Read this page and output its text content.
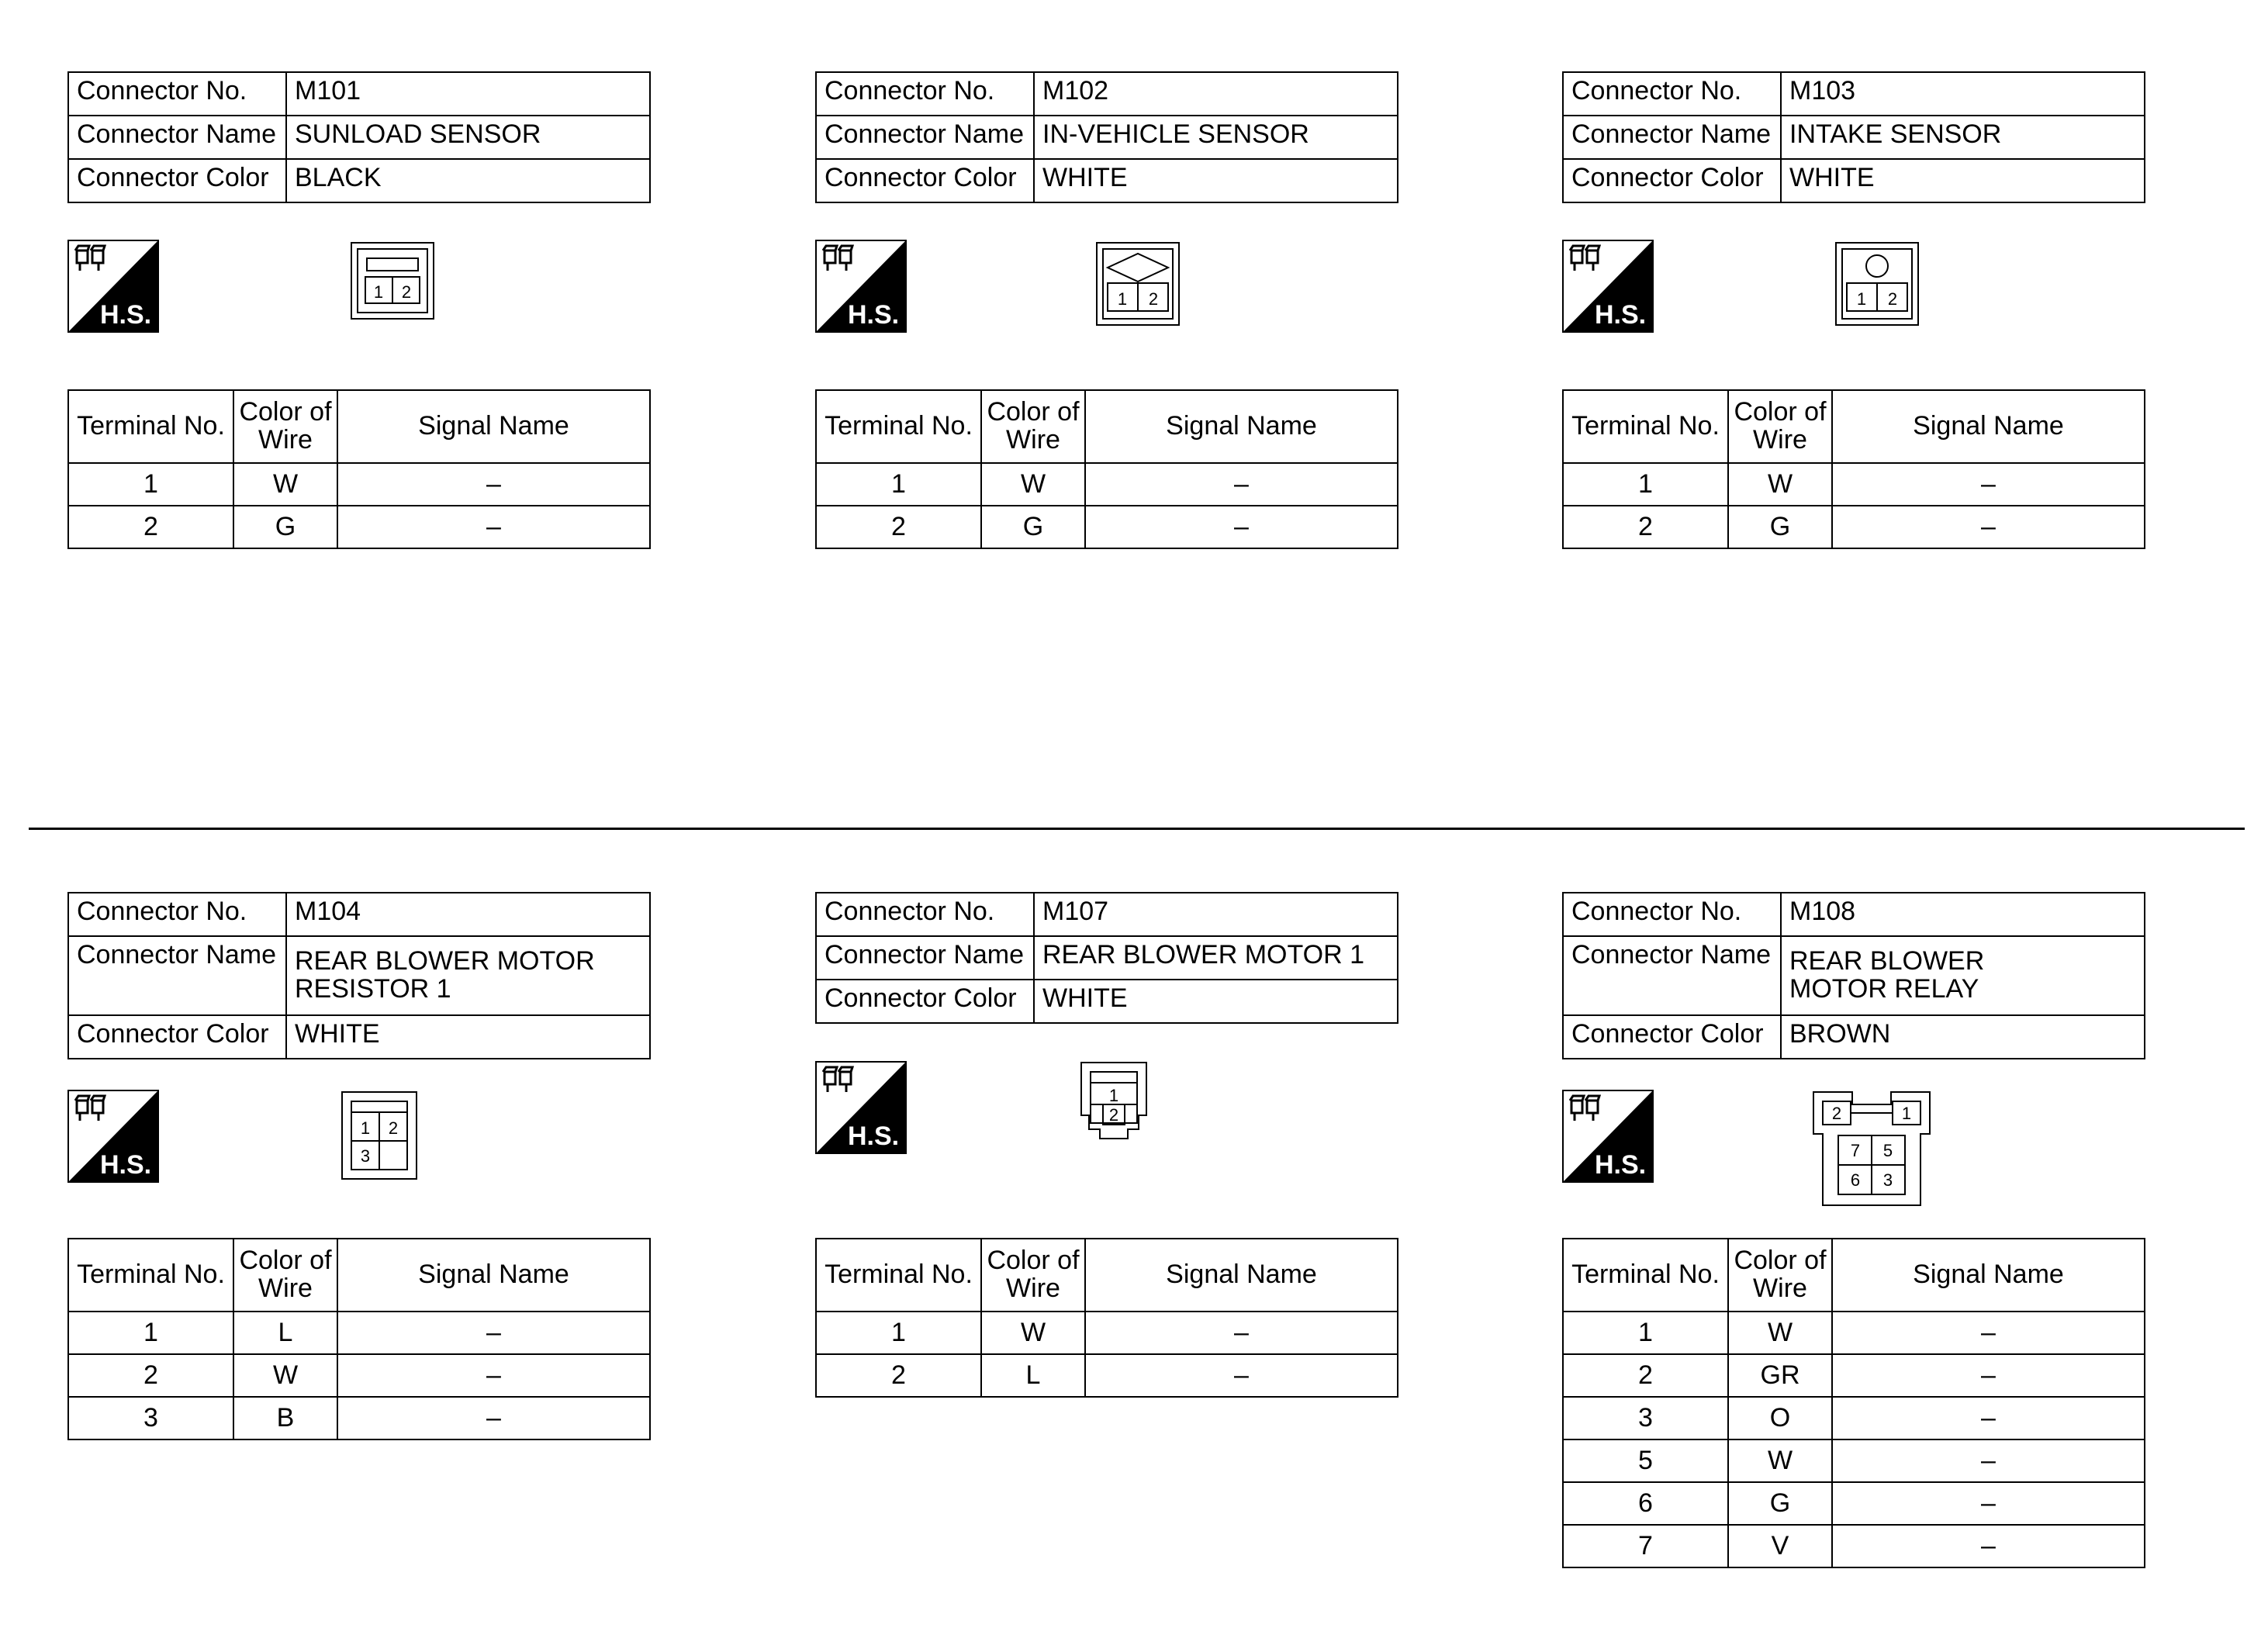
Connector No.	M101
Connector Name	SUNLOAD SENSOR
Connector Color	BLACK
H.S.
1 2
Terminal No.	Color of Wire	Signal Name
1	W	–
2	G	–
Connector No.	M102
Connector Name	IN-VEHICLE SENSOR
Connector Color	WHITE
H.S.
1 2
Terminal No.	Color of Wire	Signal Name
1	W	–
2	G	–
Connector No.	M103
Connector Name	INTAKE SENSOR
Connector Color	WHITE
H.S.
1 2
Terminal No.	Color of Wire	Signal Name
1	W	–
2	G	–
Connector No.	M104
Connector Name	REAR BLOWER MOTOR RESISTOR 1
Connector Color	WHITE
H.S.
1 2
3
Terminal No.	Color of Wire	Signal Name
1	L	–
2	W	–
3	B	–
Connector No.	M107
Connector Name	REAR BLOWER MOTOR 1
Connector Color	WHITE
H.S.
1
2
Terminal No.	Color of Wire	Signal Name
1	W	–
2	L	–
Connector No.	M108
Connector Name	REAR BLOWER MOTOR RELAY
Connector Color	BROWN
H.S.
2	1
7 5
6 3
Terminal No.	Color of Wire	Signal Name
1	W	–
2	GR	–
3	O	–
5	W	–
6	G	–
7	V	–
